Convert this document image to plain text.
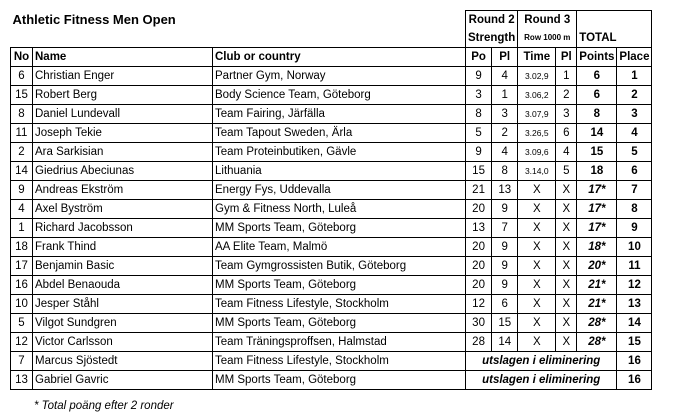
Athletic Fitness Men Open			Round 2		Round 3			
			Strength		Row 1000 m		TOTAL	
No	Name	Club or country	Po	Pl	Time	Pl	Points	Place
6	Christian Enger	Partner Gym, Norway	9	4	3.02,9	1	6	1
15	Robert Berg	Body Science Team, Göteborg	3	1	3.06,2	2	6	2
8	Daniel Lundevall	Team Fairing, Järfälla	8	3	3.07,9	3	8	3
11	Joseph Tekie	Team Tapout Sweden, Ärla	5	2	3.26,5	6	14	4
2	Ara Sarkisian	Team Proteinbutiken, Gävle	9	4	3.09,6	4	15	5
14	Giedrius Abeciunas	Lithuania	15	8	3.14,0	5	18	6
9	Andreas Ekström	Energy Fys, Uddevalla	21	13	X	X	17*	7
4	Axel Byström	Gym & Fitness North, Luleå	20	9	X	X	17*	8
1	Richard Jacobsson	MM Sports Team, Göteborg	13	7	X	X	17*	9
18	Frank Thind	AA Elite Team, Malmö	20	9	X	X	18*	10
17	Benjamin Basic	Team Gymgrossisten Butik, Göteborg	20	9	X	X	20*	11
16	Abdel Benaouda	MM Sports Team, Göteborg	20	9	X	X	21*	12
10	Jesper Ståhl	Team Fitness Lifestyle, Stockholm	12	6	X	X	21*	13
5	Vilgot Sundgren	MM Sports Team, Göteborg	30	15	X	X	28*	14
12	Victor Carlsson	Team Träningsproffsen, Halmstad	28	14	X	X	28*	15
7	Marcus Sjöstedt	Team Fitness Lifestyle, Stockholm	utslagen i eliminering					16
13	Gabriel Gavric	MM Sports Team, Göteborg	utslagen i eliminering					16
* Total poäng efter 2 ronder
